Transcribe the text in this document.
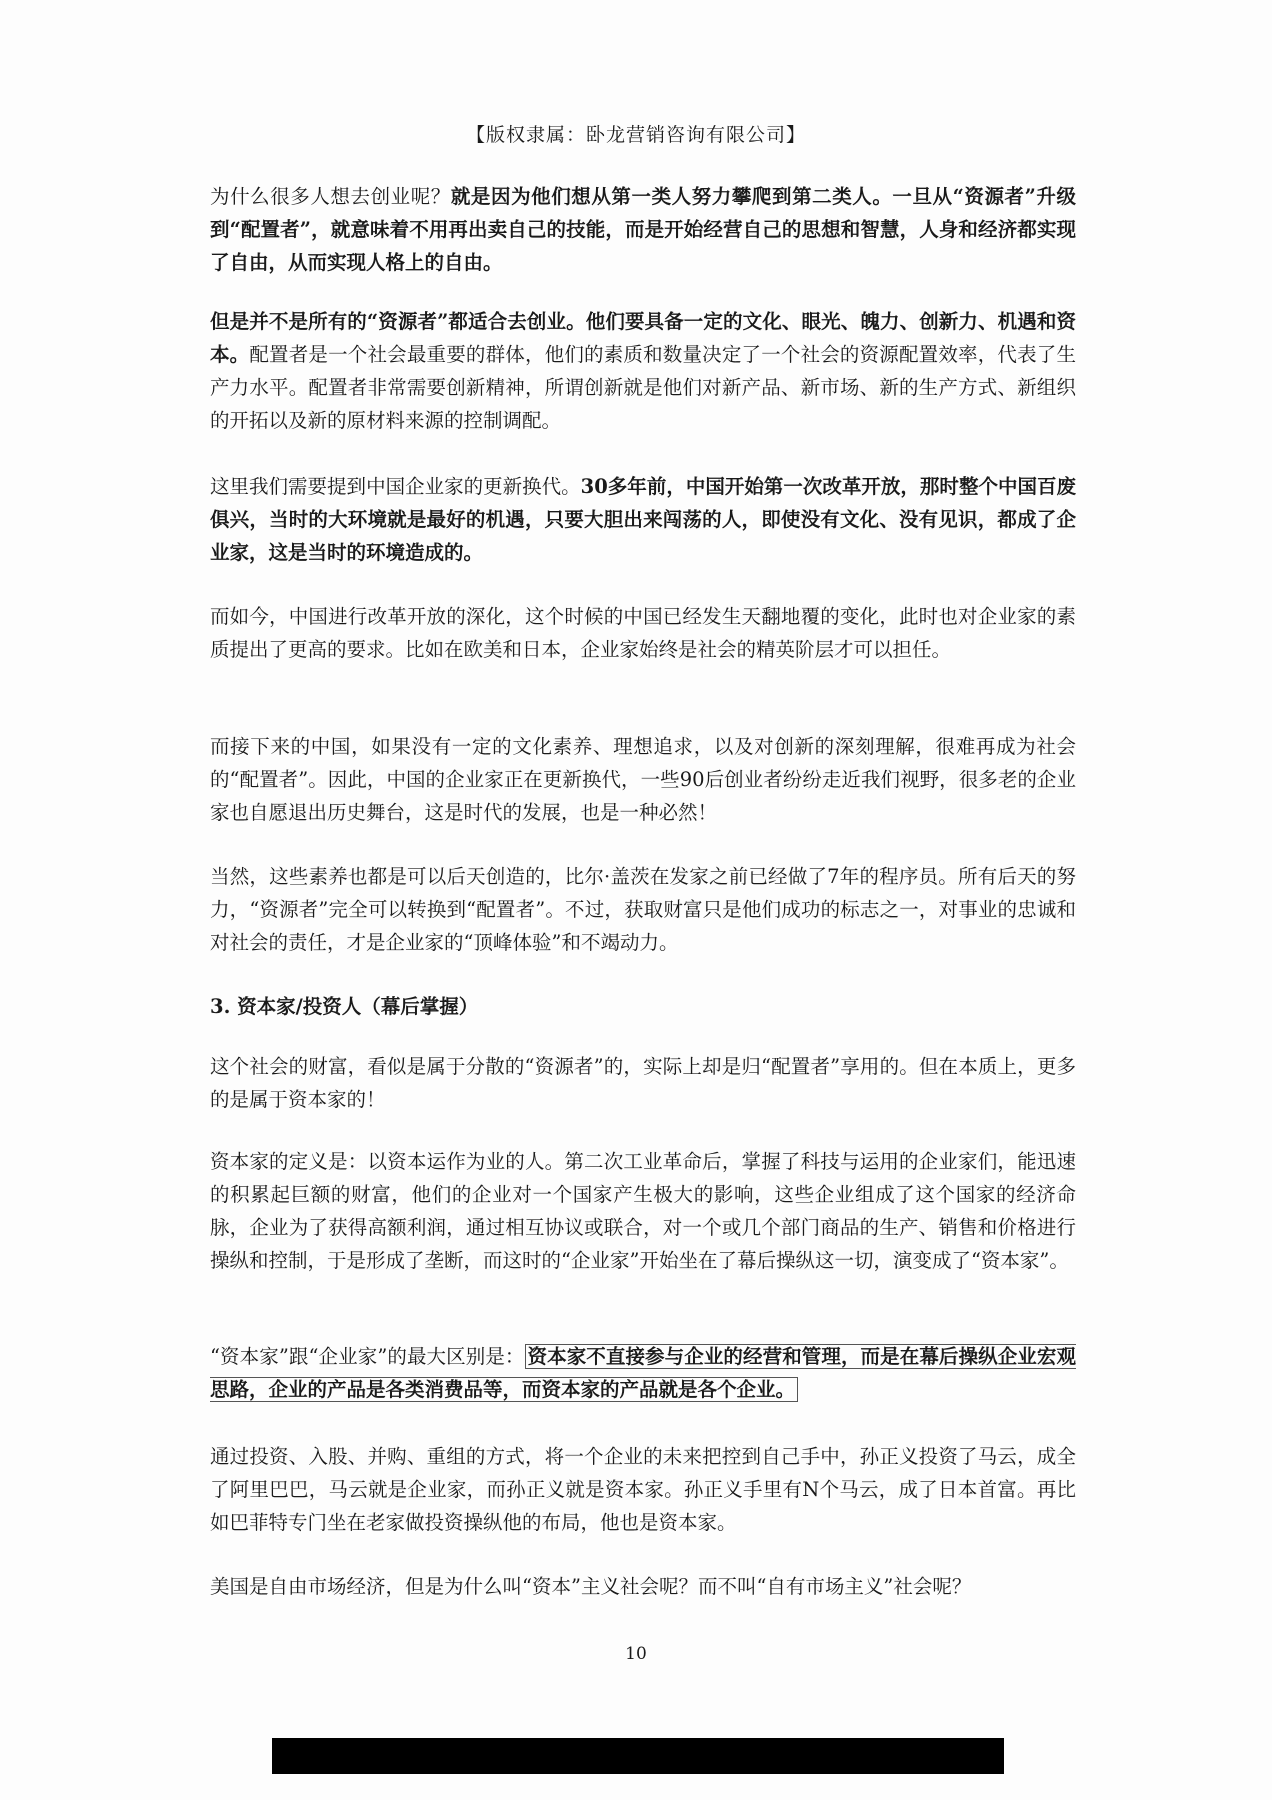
【版权隶属：卧龙营销咨询有限公司】

为什么很多人想去创业呢？就是因为他们想从第一类人努力攀爬到第二类人。一旦从“资源者”升级到“配置者”，就意味着不用再出卖自己的技能，而是开始经营自己的思想和智慧，人身和经济都实现了自由，从而实现人格上的自由。

但是并不是所有的“资源者”都适合去创业。他们要具备一定的文化、眼光、魄力、创新力、机遇和资本。配置者是一个社会最重要的群体，他们的素质和数量决定了一个社会的资源配置效率，代表了生产力水平。配置者非常需要创新精神，所谓创新就是他们对新产品、新市场、新的生产方式、新组织的开拓以及新的原材料来源的控制调配。

这里我们需要提到中国企业家的更新换代。30多年前，中国开始第一次改革开放，那时整个中国百废俱兴，当时的大环境就是最好的机遇，只要大胆出来闯荡的人，即使没有文化、没有见识，都成了企业家，这是当时的环境造成的。

而如今，中国进行改革开放的深化，这个时候的中国已经发生天翻地覆的变化，此时也对企业家的素质提出了更高的要求。比如在欧美和日本，企业家始终是社会的精英阶层才可以担任。

而接下来的中国，如果没有一定的文化素养、理想追求，以及对创新的深刻理解，很难再成为社会的“配置者”。因此，中国的企业家正在更新换代，一些90后创业者纷纷走近我们视野，很多老的企业家也自愿退出历史舞台，这是时代的发展，也是一种必然！

当然，这些素养也都是可以后天创造的，比尔·盖茨在发家之前已经做了7年的程序员。所有后天的努力，“资源者”完全可以转换到“配置者”。不过，获取财富只是他们成功的标志之一，对事业的忠诚和对社会的责任，才是企业家的“顶峰体验”和不竭动力。

3. 资本家/投资人（幕后掌握）

这个社会的财富，看似是属于分散的“资源者”的，实际上却是归“配置者”享用的。但在本质上，更多的是属于资本家的！

资本家的定义是：以资本运作为业的人。第二次工业革命后，掌握了科技与运用的企业家们，能迅速的积累起巨额的财富，他们的企业对一个国家产生极大的影响，这些企业组成了这个国家的经济命脉，企业为了获得高额利润，通过相互协议或联合，对一个或几个部门商品的生产、销售和价格进行操纵和控制，于是形成了垄断，而这时的“企业家”开始坐在了幕后操纵这一切，演变成了“资本家”。

“资本家”跟“企业家”的最大区别是： 资本家不直接参与企业的经营和管理，而是在幕后操纵企业宏观思路，企业的产品是各类消费品等，而资本家的产品就是各个企业。

通过投资、入股、并购、重组的方式，将一个企业的未来把控到自己手中，孙正义投资了马云，成全了阿里巴巴，马云就是企业家，而孙正义就是资本家。孙正义手里有N个马云，成了日本首富。再比如巴菲特专门坐在老家做投资操纵他的布局，他也是资本家。

美国是自由市场经济，但是为什么叫“资本”主义社会呢？而不叫“自有市场主义”社会呢？

10
